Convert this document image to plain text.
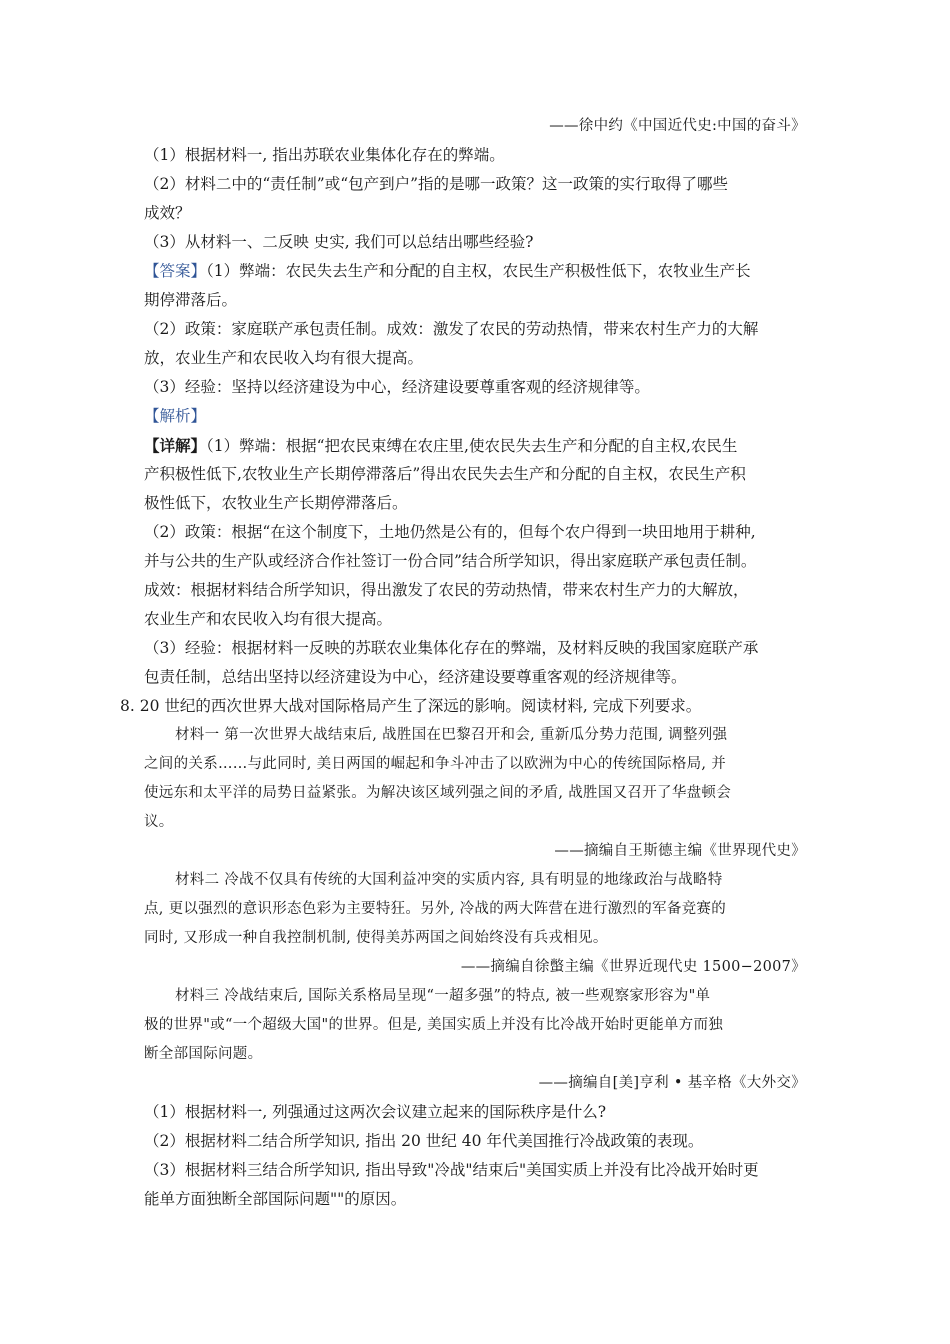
——徐中约《中国近代史:中国的奋斗》
（1）根据材料一, 指出苏联农业集体化存在的弊端。
（2）材料二中的“责任制”或“包产到户”指的是哪一政策？这一政策的实行取得了哪些
成效？
（3）从材料一、二反映 史实, 我们可以总结出哪些经验?
【答案】（1）弊端：农民失去生产和分配的自主权，农民生产积极性低下，农牧业生产长
期停滞落后。
（2）政策：家庭联产承包责任制。成效：激发了农民的劳动热情，带来农村生产力的大解
放，农业生产和农民收入均有很大提高。
（3）经验：坚持以经济建设为中心，经济建设要尊重客观的经济规律等。
【解析】
【详解】（1）弊端：根据“把农民束缚在农庄里,使农民失去生产和分配的自主权,农民生
产积极性低下,农牧业生产长期停滞落后”得出农民失去生产和分配的自主权，农民生产积
极性低下，农牧业生产长期停滞落后。
（2）政策：根据“在这个制度下，土地仍然是公有的，但每个农户得到一块田地用于耕种,
并与公共的生产队或经济合作社签订一份合同”结合所学知识，得出家庭联产承包责任制。
成效：根据材料结合所学知识，得出激发了农民的劳动热情，带来农村生产力的大解放，
农业生产和农民收入均有很大提高。
（3）经验：根据材料一反映的苏联农业集体化存在的弊端，及材料反映的我国家庭联产承
包责任制，总结出坚持以经济建设为中心，经济建设要尊重客观的经济规律等。
8. 20 世纪的西次世界大战对国际格局产生了深远的影响。阅读材料, 完成下列要求。
材料一 第一次世界大战结束后, 战胜国在巴黎召开和会, 重新瓜分势力范围, 调整列强
之间的关系……与此同时, 美日两国的崛起和争斗冲击了以欧洲为中心的传统国际格局, 并
使远东和太平洋的局势日益紧张。为解决该区域列强之间的矛盾, 战胜国又召开了华盘顿会
议。
——摘编自王斯德主编《世界现代史》
材料二 冷战不仅具有传统的大国利益冲突的实质内容, 具有明显的地缘政治与战略特
点, 更以强烈的意识形态色彩为主要特狂。另外, 冷战的两大阵营在进行激烈的军备竞赛的
同时, 又形成一种自我控制机制, 使得美苏两国之间始终没有兵戎相见。
——摘编自徐蟞主编《世界近现代史 1500−2007》
材料三 冷战结束后, 国际关系格局呈现“一超多强”的特点, 被一些观察家形容为"单
极的世界"或“一个超级大国"的世界。但是, 美国实质上并没有比冷战开始时更能单方而独
断全部国际问题。
——摘编自[美]亨利 • 基辛格《大外交》
（1）根据材料一, 列强通过这两次会议建立起来的国际秩序是什么?
（2）根据材料二结合所学知识, 指出 20 世纪 40 年代美国推行冷战政策的表现。
（3）根据材料三结合所学知识, 指出导致"冷战"结束后"美国实质上并没有比冷战开始时更
能单方面独断全部国际问题""的原因。
